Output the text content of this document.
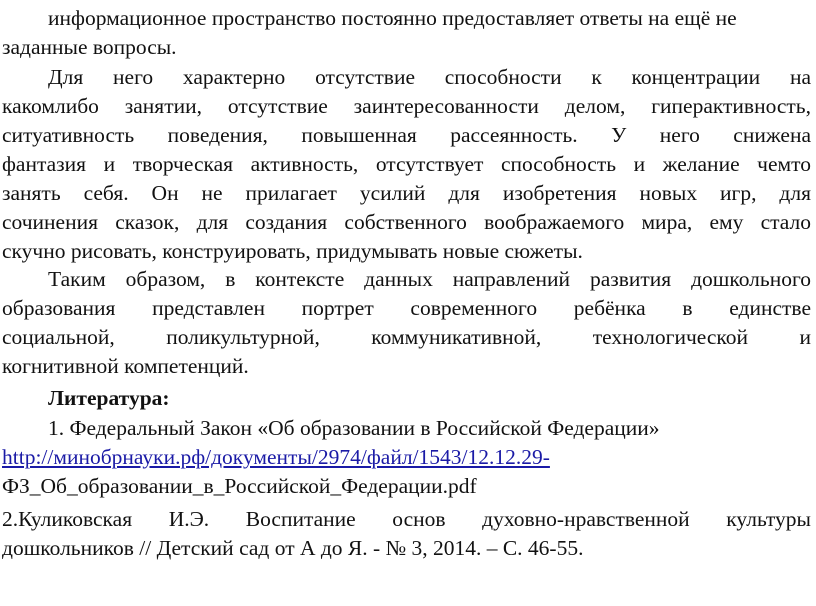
информационное пространство постоянно предоставляет ответы на ещё не
заданные вопросы.
Для него характерно отсутствие способности к концентрации на
какомлибо занятии, отсутствие заинтересованности делом, гиперактивность,
ситуативность поведения, повышенная рассеянность. У него снижена
фантазия и творческая активность, отсутствует способность и желание чемто
занять себя. Он не прилагает усилий для изобретения новых игр, для
сочинения сказок, для создания собственного воображаемого мира, ему стало
скучно рисовать, конструировать, придумывать новые сюжеты.
Таким образом, в контексте данных направлений развития дошкольного
образования представлен портрет современного ребёнка в единстве
социальной, поликультурной, коммуникативной, технологической и
когнитивной компетенций.
Литература:
1. Федеральный Закон «Об образовании в Российской Федерации»
http://минобрнауки.рф/документы/2974/файл/1543/12.12.29-
ФЗ_Об_образовании_в_Российской_Федерации.pdf
2.Куликовская И.Э. Воспитание основ духовно-нравственной культуры
дошкольников // Детский сад от А до Я. - № 3, 2014. – С. 46-55.
